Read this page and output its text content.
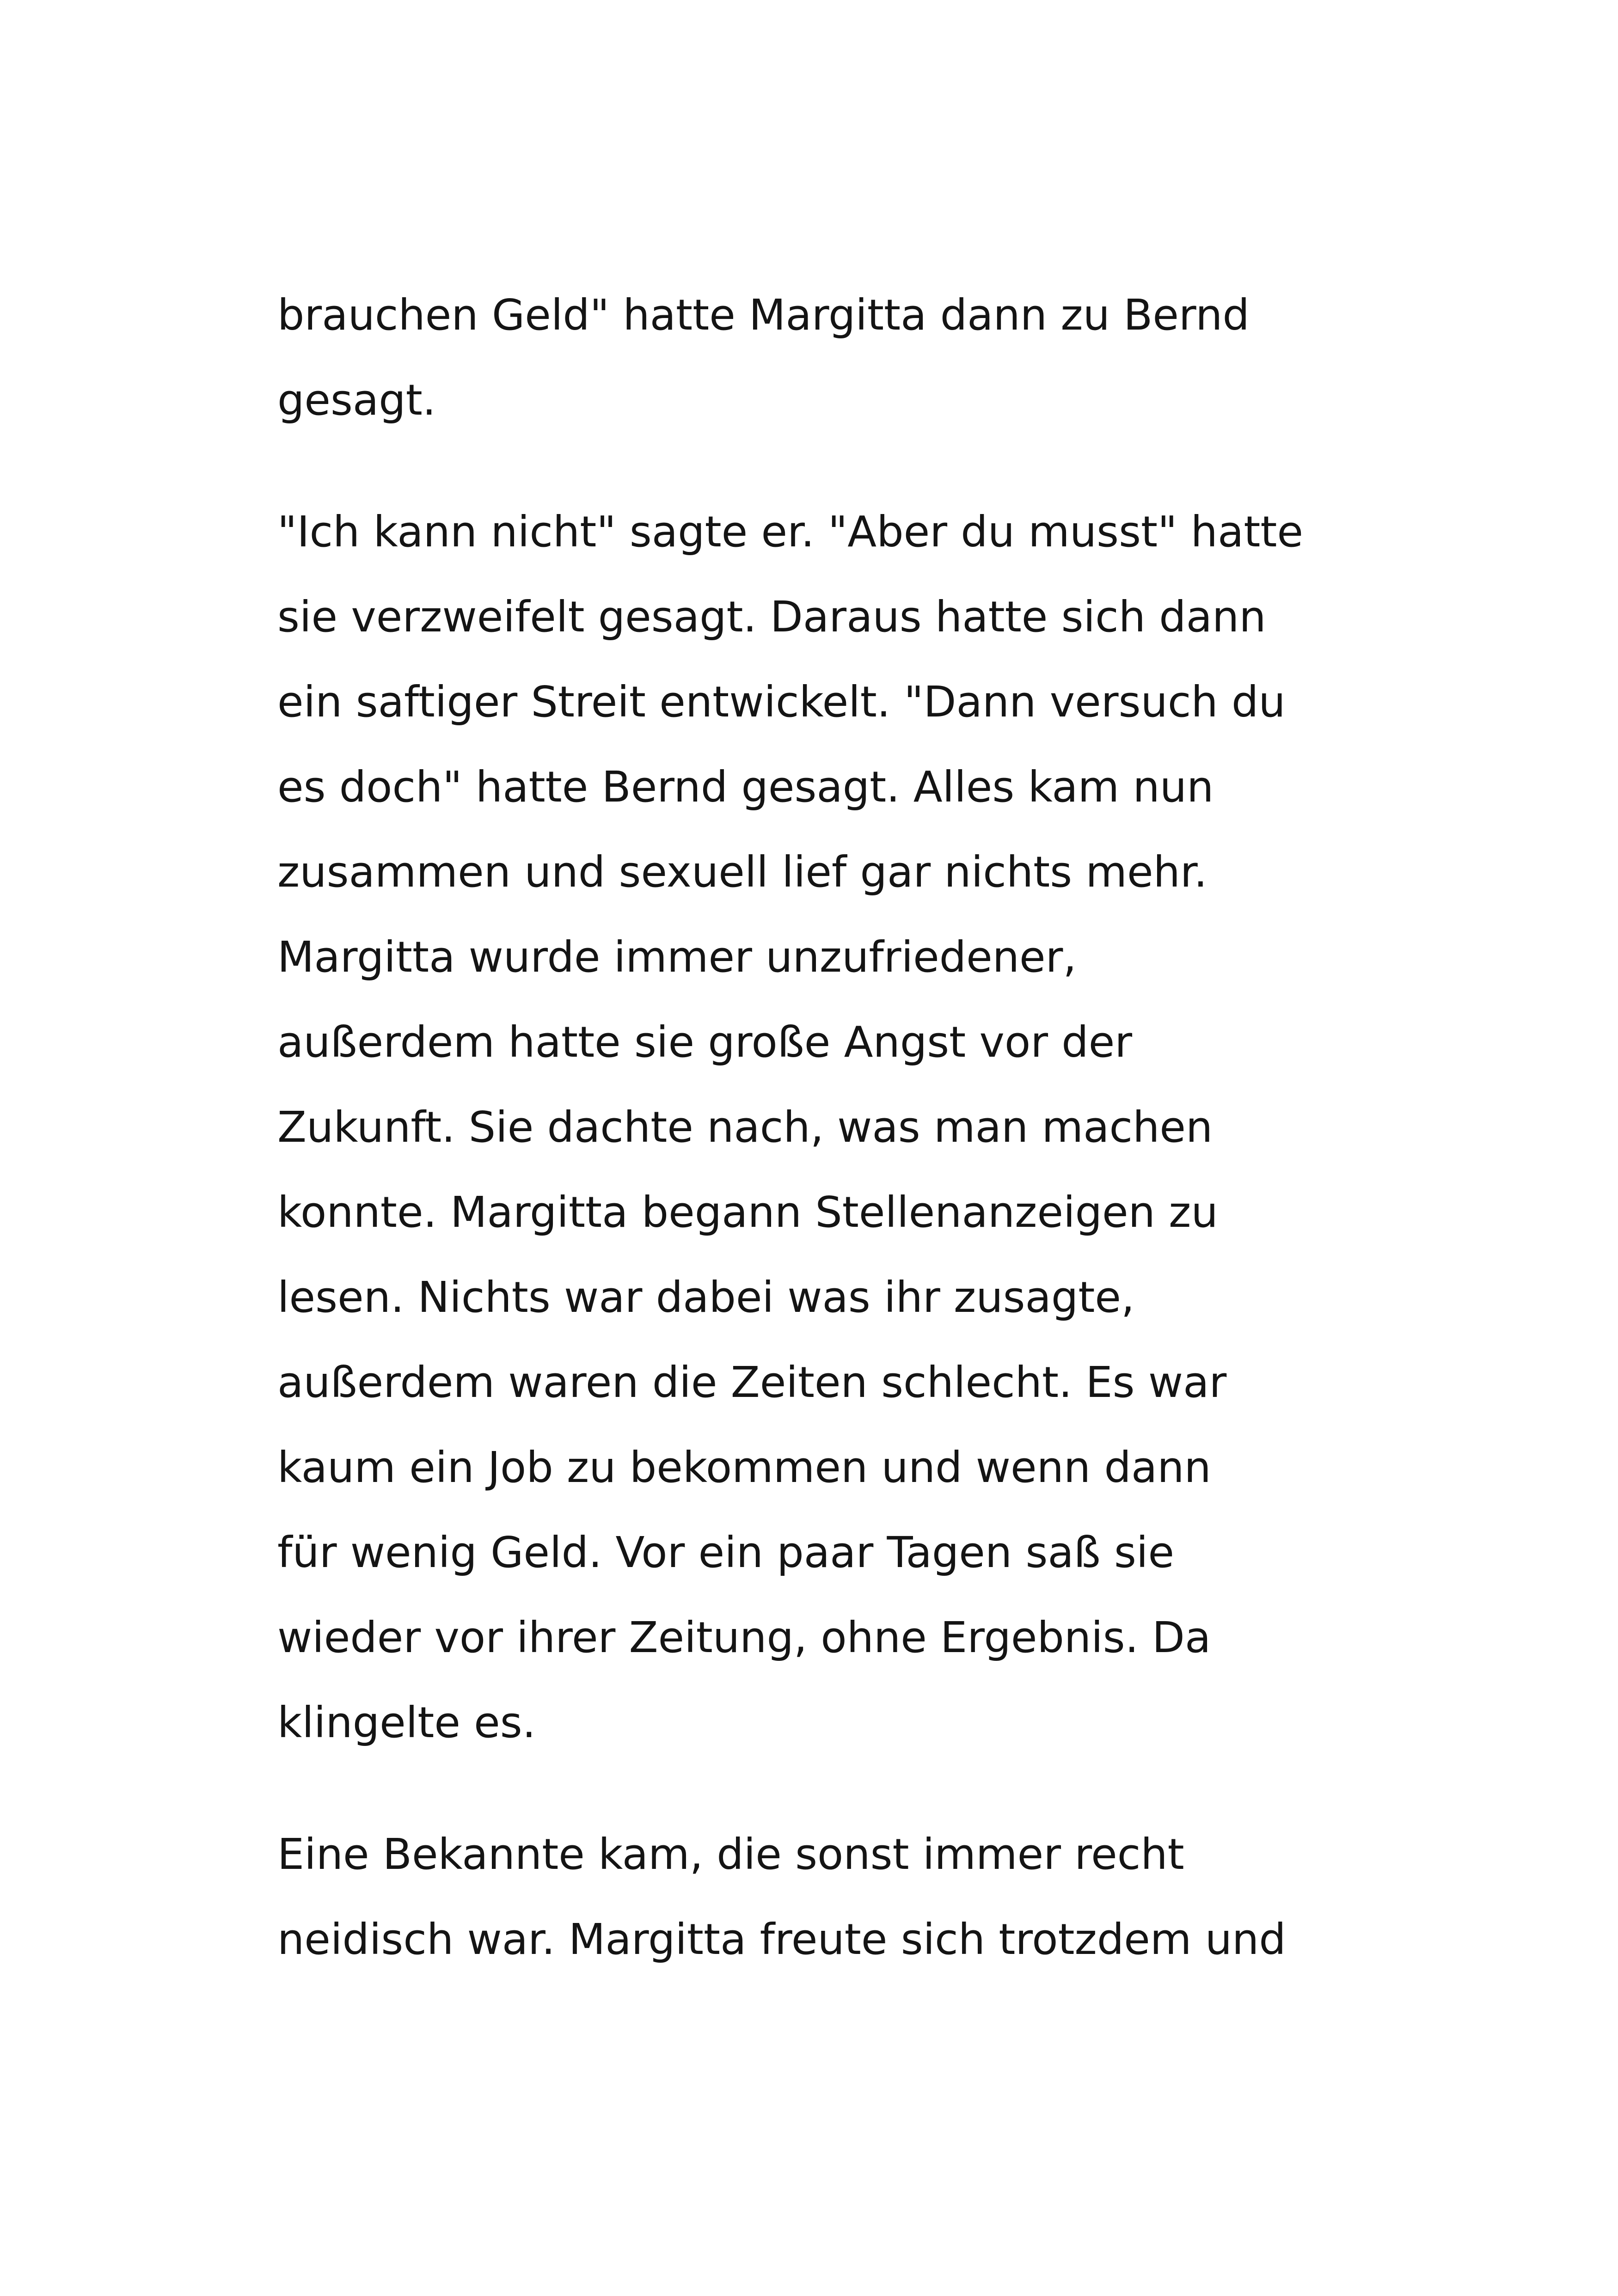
brauchen Geld" hatte Margitta dann zu Bernd
gesagt.

"Ich kann nicht" sagte er. "Aber du musst" hatte
sie verzweifelt gesagt. Daraus hatte sich dann
ein saftiger Streit entwickelt. "Dann versuch du
es doch" hatte Bernd gesagt. Alles kam nun
zusammen und sexuell lief gar nichts mehr.
Margitta wurde immer unzufriedener,
außerdem hatte sie große Angst vor der
Zukunft. Sie dachte nach, was man machen
konnte. Margitta begann Stellenanzeigen zu
lesen. Nichts war dabei was ihr zusagte,
außerdem waren die Zeiten schlecht. Es war
kaum ein Job zu bekommen und wenn dann
für wenig Geld. Vor ein paar Tagen saß sie
wieder vor ihrer Zeitung, ohne Ergebnis. Da
klingelte es.

Eine Bekannte kam, die sonst immer recht
neidisch war. Margitta freute sich trotzdem und
